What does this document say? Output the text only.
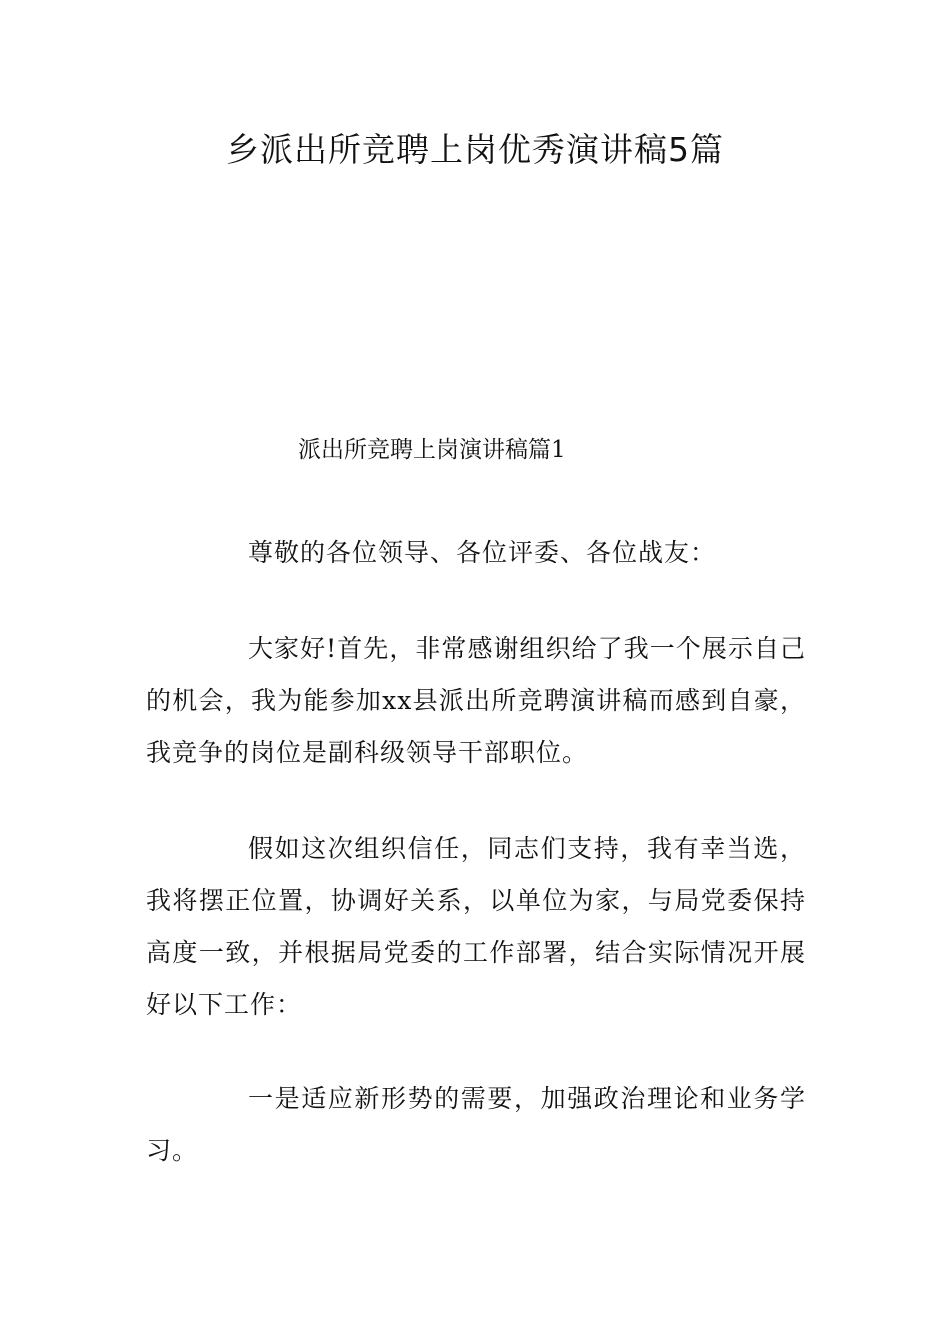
乡派出所竞聘上岗优秀演讲稿5篇
派出所竞聘上岗演讲稿篇1

尊敬的各位领导、各位评委、各位战友：

大家好!首先，非常感谢组织给了我一个展示自己的机会，我为能参加xx县派出所竞聘演讲稿而感到自豪，我竞争的岗位是副科级领导干部职位。

假如这次组织信任，同志们支持，我有幸当选，我将摆正位置，协调好关系，以单位为家，与局党委保持高度一致，并根据局党委的工作部署，结合实际情况开展好以下工作：

一是适应新形势的需要，加强政治理论和业务学习。
